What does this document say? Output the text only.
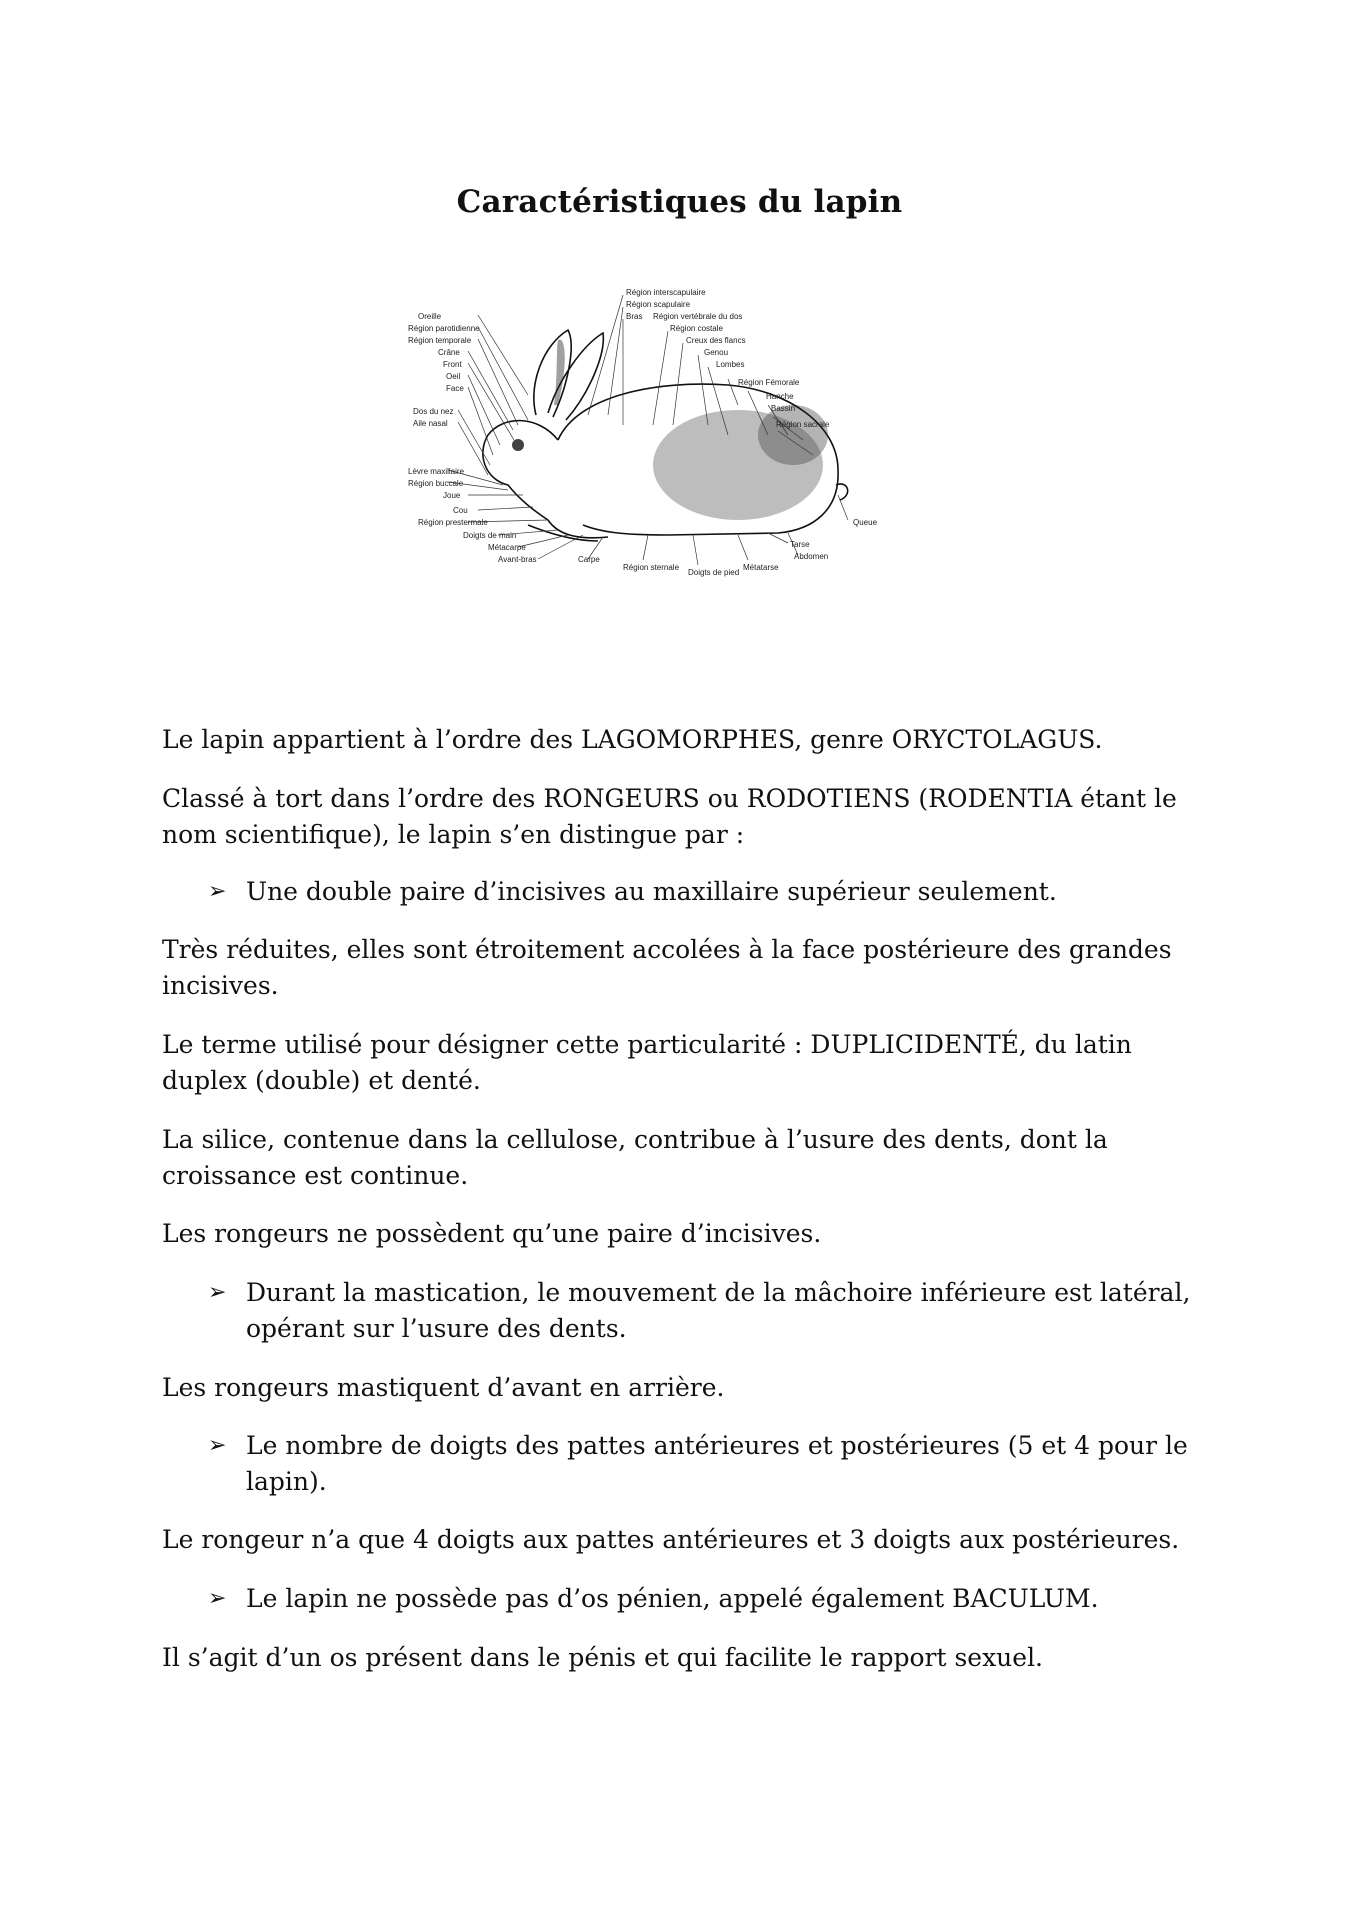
Caractéristiques du lapin
Oreille
Région parotidienne
Région temporale
Crâne
Front
Oeil
Face
Dos du nez
Aile nasal
Lèvre maxillaire
Région buccale
Joue
Cou
Région prestermale
Doigts de main
Métacarpe
Avant-bras	Carpe
Région interscapulaire
Région scapulaire
Bras Région vertébrale du dos
Région costale
Creux des flancs
Genou
Lombes
Région Fémorale
Hanche
Bassin
Région sacrale
Région sternale
Doigts de pied
Métatarse
Tarse
Abdomen
Queue

Le lapin appartient à l’ordre des LAGOMORPHES, genre ORYCTOLAGUS.

Classé à tort dans l’ordre des RONGEURS ou RODOTIENS (RODENTIA étant le nom scientifique), le lapin s’en distingue par :

➢ Une double paire d’incisives au maxillaire supérieur seulement.

Très réduites, elles sont étroitement accolées à la face postérieure des grandes incisives.

Le terme utilisé pour désigner cette particularité : DUPLICIDENTÉ, du latin duplex (double) et denté.

La silice, contenue dans la cellulose, contribue à l’usure des dents, dont la croissance est continue.

Les rongeurs ne possèdent qu’une paire d’incisives.

➢ Durant la mastication, le mouvement de la mâchoire inférieure est latéral, opérant sur l’usure des dents.

Les rongeurs mastiquent d’avant en arrière.

➢ Le nombre de doigts des pattes antérieures et postérieures (5 et 4 pour le lapin).

Le rongeur n’a que 4 doigts aux pattes antérieures et 3 doigts aux postérieures.

➢ Le lapin ne possède pas d’os pénien, appelé également BACULUM.

Il s’agit d’un os présent dans le pénis et qui facilite le rapport sexuel.
